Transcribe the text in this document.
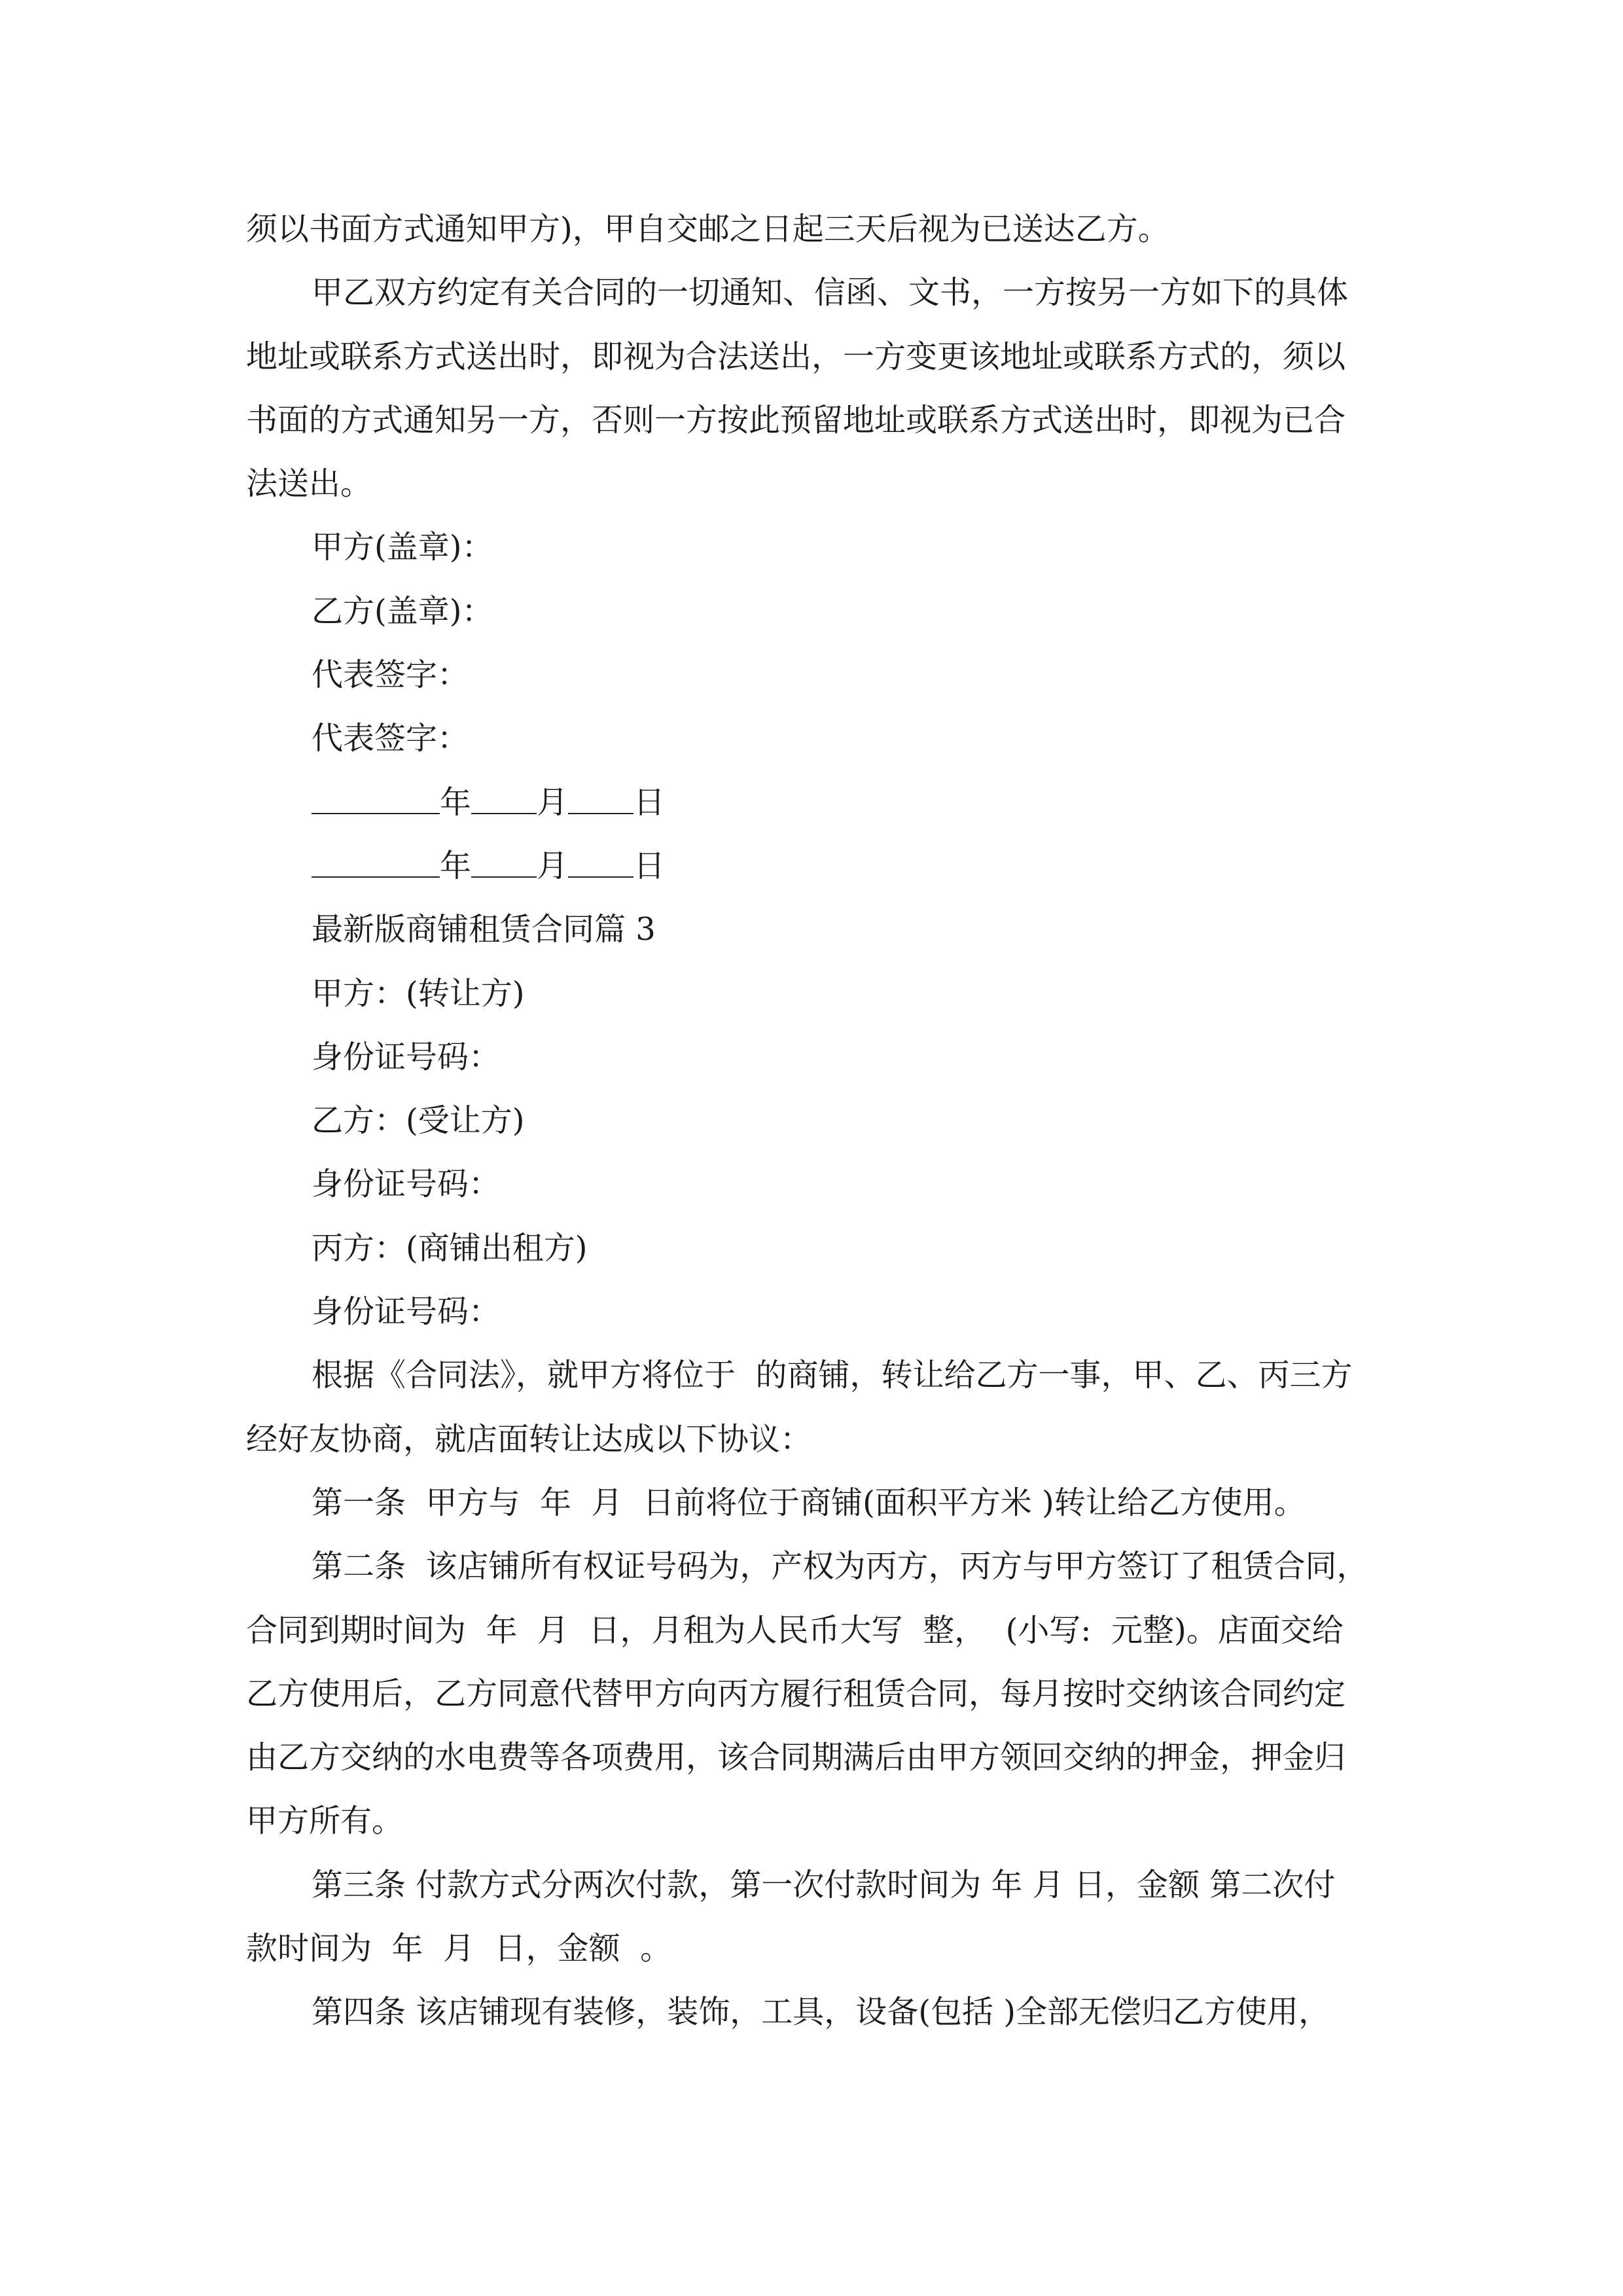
须以书面方式通知甲方)，甲自交邮之日起三天后视为已送达乙方。
甲乙双方约定有关合同的一切通知、信函、文书，一方按另一方如下的具体
地址或联系方式送出时，即视为合法送出，一方变更该地址或联系方式的，须以
书面的方式通知另一方，否则一方按此预留地址或联系方式送出时，即视为已合
法送出。
甲方(盖章)：
乙方(盖章)：
代表签字：
代表签字：
年 月 日
年 月 日
最新版商铺租赁合同篇 3
甲方：(转让方)
身份证号码：
乙方：(受让方)
身份证号码：
丙方：(商铺出租方)
身份证号码：
根据《合同法》，就甲方将位于  的商铺，转让给乙方一事，甲、乙、丙三方
经好友协商，就店面转让达成以下协议：
第一条  甲方与  年  月  日前将位于商铺(面积平方米 )转让给乙方使用。
第二条  该店铺所有权证号码为，产权为丙方，丙方与甲方签订了租赁合同，
合同到期时间为  年  月  日，月租为人民币大写  整，  (小写:  元整)。店面交给
乙方使用后，乙方同意代替甲方向丙方履行租赁合同，每月按时交纳该合同约定
由乙方交纳的水电费等各项费用，该合同期满后由甲方领回交纳的押金，押金归
甲方所有。
第三条 付款方式分两次付款，第一次付款时间为 年 月 日，金额 第二次付
款时间为  年  月  日，金额  。
第四条 该店铺现有装修，装饰，工具，设备(包括 )全部无偿归乙方使用，
